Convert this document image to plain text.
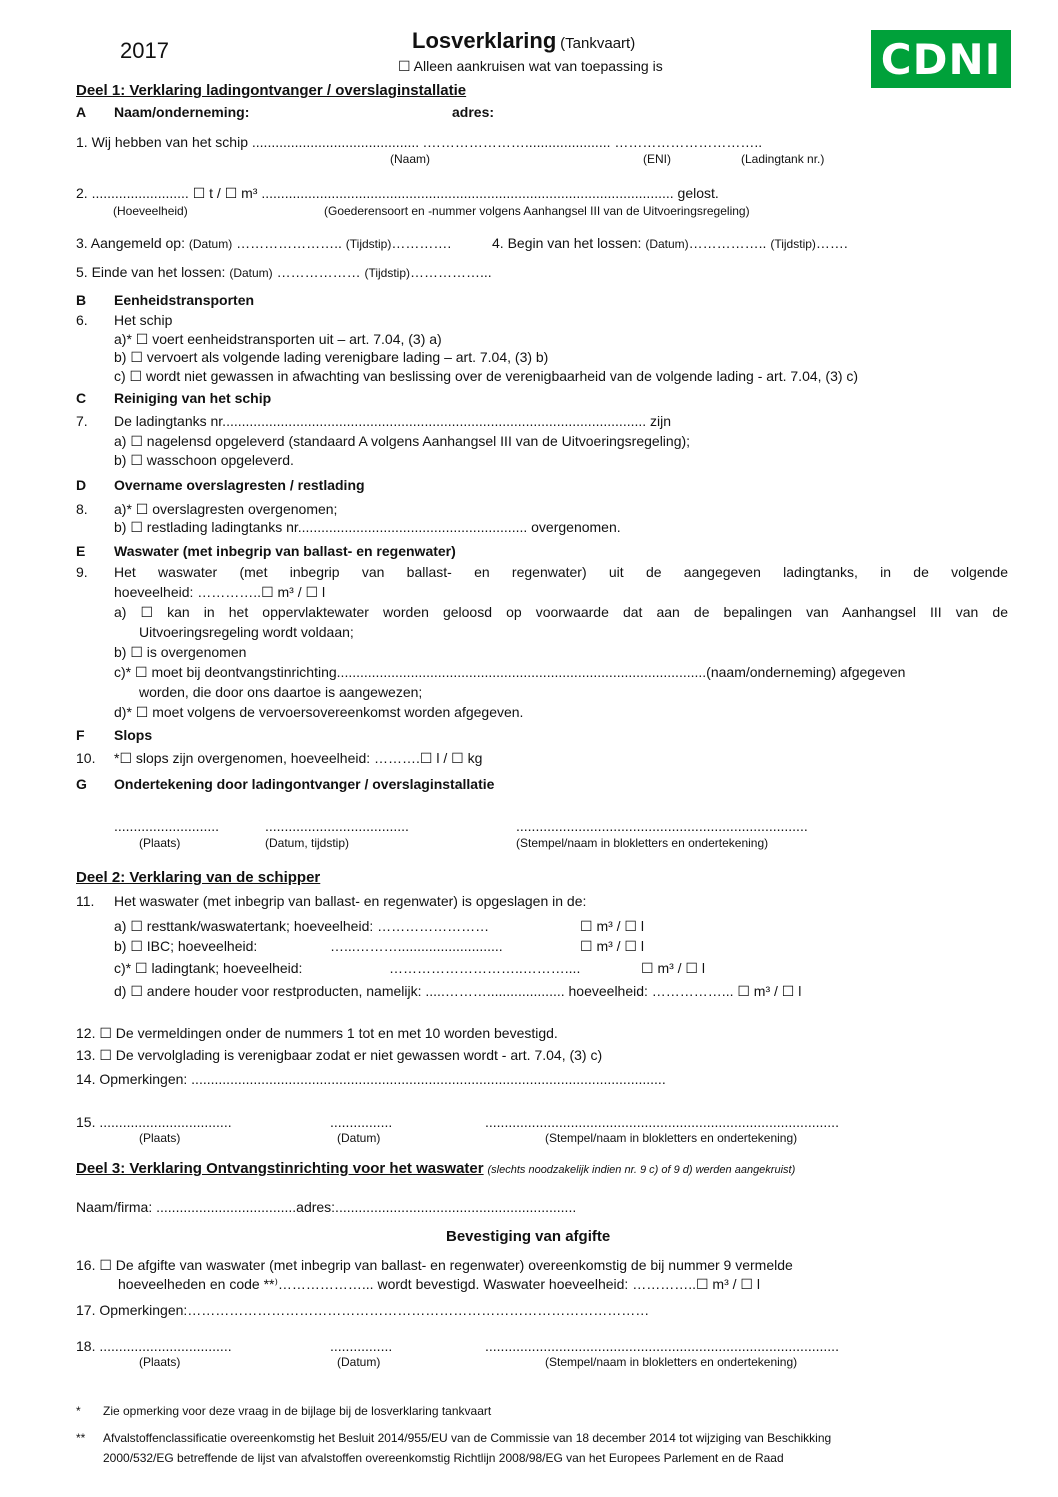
2017	Losverklaring (Tankvaart)
☐ Alleen aankruisen wat van toepassing is	CDNI
Deel 1: Verklaring ladingontvanger / overslaginstallatie
A Naam/onderneming:	adres:
1. Wij hebben van het schip ........................................... .…………………...................... …………………………..
(Naam)	(ENI)	(Ladingtank nr.)
2. ......................... ☐ t / ☐ m³ .......................................................................................................... gelost.
(Hoeveelheid)	(Goederensoort en -nummer volgens Aanhangsel III van de Uitvoeringsregeling)
3. Aangemeld op: (Datum) ………………….. (Tijdstip)………….	4. Begin van het lossen: (Datum)…………….. (Tijdstip)…….
5. Einde van het lossen: (Datum) ……………… (Tijdstip)……………...
B Eenheidstransporten
6. Het schip
a)* ☐ voert eenheidstransporten uit – art. 7.04, (3) a)
b) ☐ vervoert als volgende lading verenigbare lading – art. 7.04, (3) b)
c) ☐ wordt niet gewassen in afwachting van beslissing over de verenigbaarheid van de volgende lading - art. 7.04, (3) c)
C Reiniging van het schip
7. De ladingtanks nr............................................................................................................. zijn
a) ☐ nagelensd opgeleverd (standaard A volgens Aanhangsel III van de Uitvoeringsregeling);
b) ☐ wasschoon opgeleverd.
D Overname overslagresten / restlading
8. a)* ☐ overslagresten overgenomen;
b) ☐ restlading ladingtanks nr........................................................... overgenomen.
E Waswater (met inbegrip van ballast- en regenwater)
9. Het waswater (met inbegrip van ballast- en regenwater) uit de aangegeven ladingtanks, in de volgende
hoeveelheid: …………..☐ m³ / ☐ l
a) ☐ kan in het oppervlaktewater worden geloosd op voorwaarde dat aan de bepalingen van Aanhangsel III van de
Uitvoeringsregeling wordt voldaan;
b) ☐ is overgenomen
c)* ☐ moet bij deontvangstinrichting...............................................................................................(naam/onderneming) afgegeven
worden, die door ons daartoe is aangewezen;
d)* ☐ moet volgens de vervoersovereenkomst worden afgegeven.
F Slops
10. *☐ slops zijn overgenomen, hoeveelheid: ……….☐ l / ☐ kg
G Ondertekening door ladingontvanger / overslaginstallatie
...........................	.....................................	...........................................................................
(Plaats)	(Datum, tijdstip)	(Stempel/naam in blokletters en ondertekening)
Deel 2: Verklaring van de schipper
11. Het waswater (met inbegrip van ballast- en regenwater) is opgeslagen in de:
a) ☐ resttank/waswatertank; hoeveelheid: ……………………	☐ m³ / ☐ l
b) ☐ IBC; hoeveelheid:	…...………...........................	☐ m³ / ☐ l
c)* ☐ ladingtank; hoeveelheid:	………………………..………....	☐ m³ / ☐ l
d) ☐ andere houder voor restproducten, namelijk: .....……….................... hoeveelheid: ……………... ☐ m³ / ☐ l
12. ☐ De vermeldingen onder de nummers 1 tot en met 10 worden bevestigd.
13. ☐ De vervolglading is verenigbaar zodat er niet gewassen wordt - art. 7.04, (3) c)
14. Opmerkingen: ..........................................................................................................................
15. ..................................	................	...........................................................................................
(Plaats)	(Datum)	(Stempel/naam in blokletters en ondertekening)
Deel 3: Verklaring Ontvangstinrichting voor het waswater (slechts noodzakelijk indien nr. 9 c) of 9 d) werden aangekruist)
Naam/firma: ....................................adres:..............................................................
Bevestiging van afgifte
16. ☐ De afgifte van waswater (met inbegrip van ballast- en regenwater) overeenkomstig de bij nummer 9 vermelde
hoeveelheden en code **⁾………………... wordt bevestigd. Waswater hoeveelheid: …………..☐ m³ / ☐ l
17. Opmerkingen:………………………………………………………………………………………
18. ..................................	................	...........................................................................................
(Plaats)	(Datum)	(Stempel/naam in blokletters en ondertekening)
* Zie opmerking voor deze vraag in de bijlage bij de losverklaring tankvaart
** Afvalstoffenclassificatie overeenkomstig het Besluit 2014/955/EU van de Commissie van 18 december 2014 tot wijziging van Beschikking
2000/532/EG betreffende de lijst van afvalstoffen overeenkomstig Richtlijn 2008/98/EG van het Europees Parlement en de Raad
